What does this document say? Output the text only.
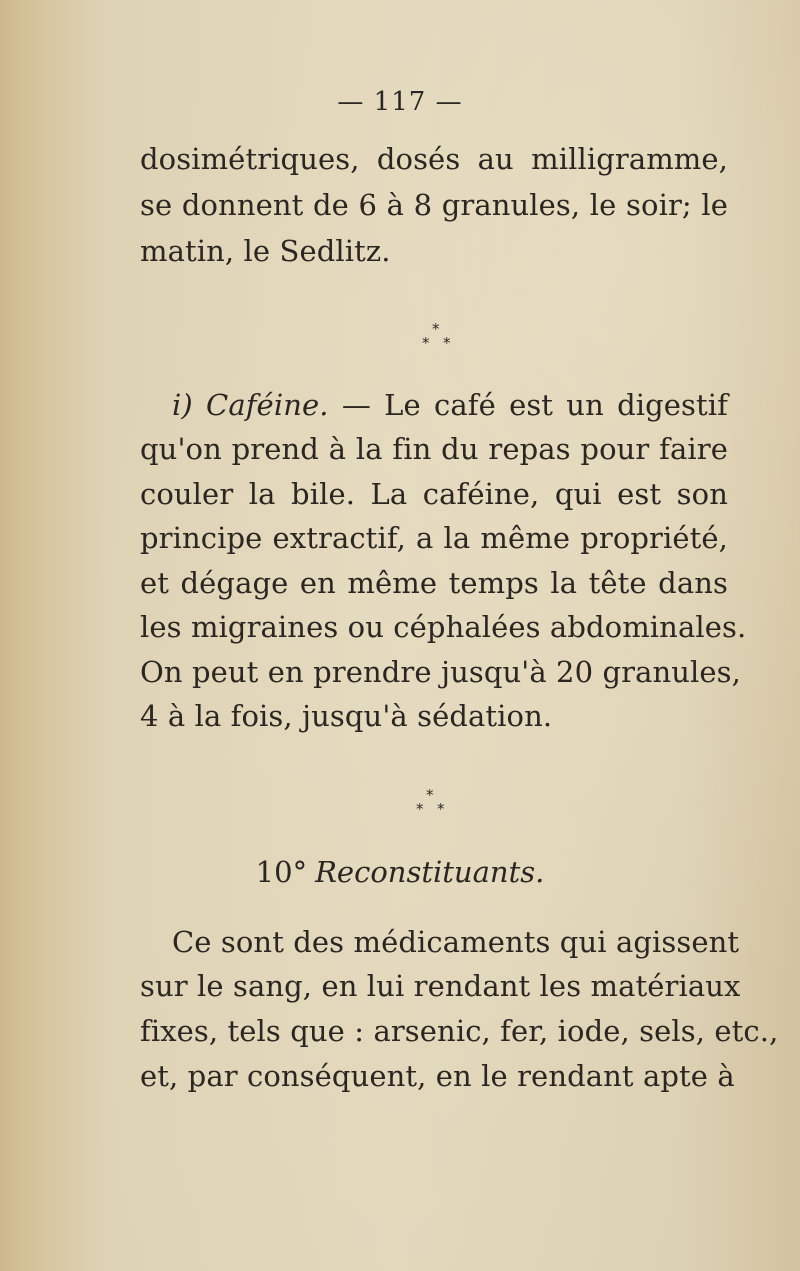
— 117 —
dosimétriques, dosés au milligramme,
se donnent de 6 à 8 granules, le soir; le
matin, le Sedlitz.
*
* *
i) Caféine. — Le café est un digestif
qu'on prend à la fin du repas pour faire
couler la bile. La caféine, qui est son
principe extractif, a la même propriété,
et dégage en même temps la tête dans
les migraines ou céphalées abdominales.
On peut en prendre jusqu'à 20 granules,
4 à la fois, jusqu'à sédation.
*
* *
10° Reconstituants.
Ce sont des médicaments qui agissent
sur le sang, en lui rendant les matériaux
fixes, tels que : arsenic, fer, iode, sels, etc.,
et, par conséquent, en le rendant apte à
